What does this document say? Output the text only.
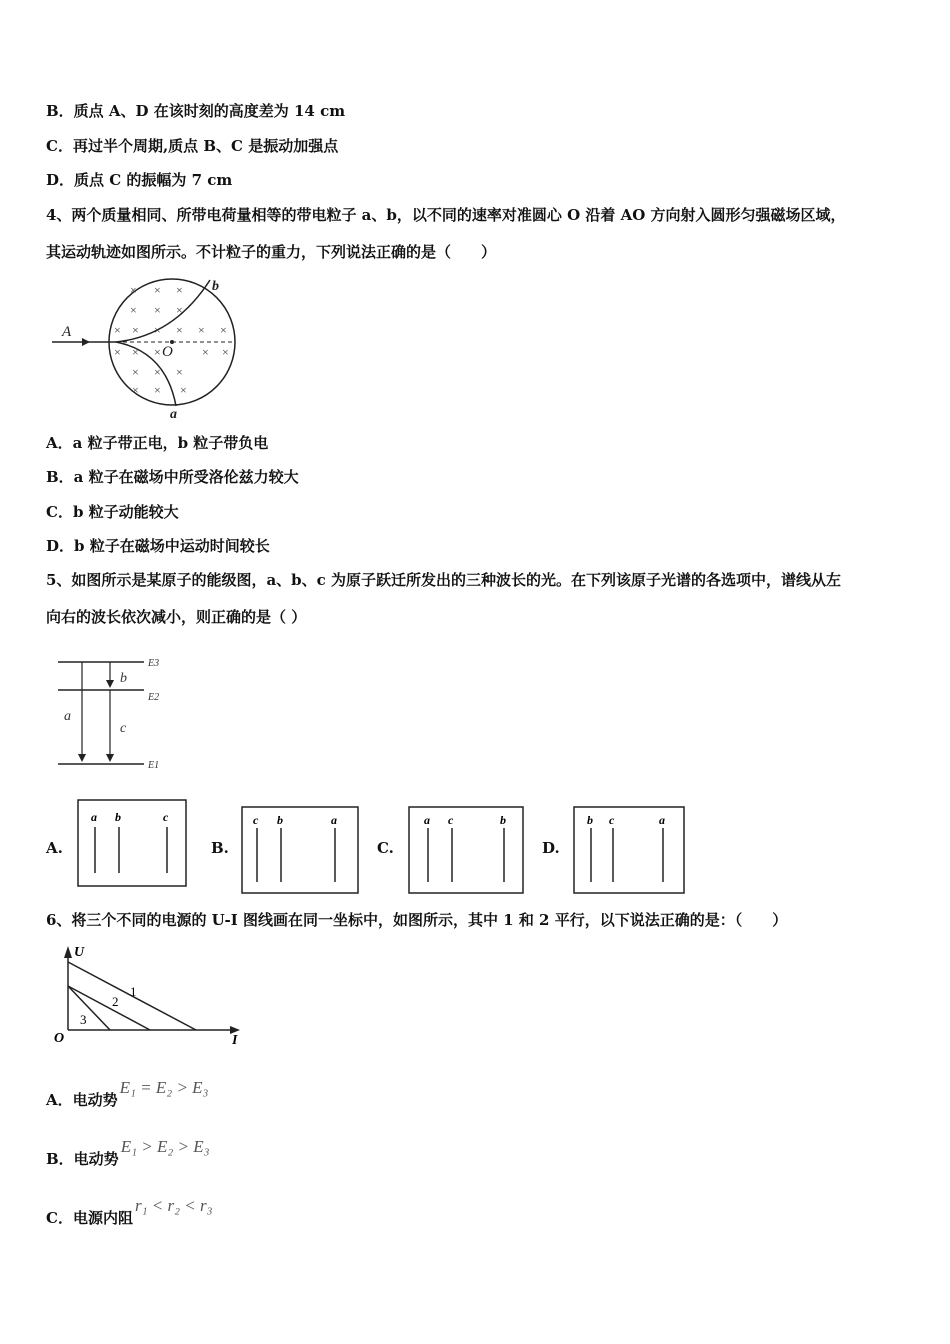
B．质点 A、D 在该时刻的高度差为 14 cm
C．再过半个周期,质点 B、C 是振动加强点
D．质点 C 的振幅为 7 cm
4、两个质量相同、所带电荷量相等的带电粒子 a、b，以不同的速率对准圆心 O 沿着 AO 方向射入圆形匀强磁场区域，
其运动轨迹如图所示。不计粒子的重力，下列说法正确的是（　　）
× × ×
× × ×
× × × × × ×
× × ×	× ×
× × ×
× × ×
A
O
b
a
A．a 粒子带正电，b 粒子带负电
B．a 粒子在磁场中所受洛伦兹力较大
C．b 粒子动能较大
D．b 粒子在磁场中运动时间较长
5、如图所示是某原子的能级图，a、b、c 为原子跃迁所发出的三种波长的光。在下列该原子光谱的各选项中，谱线从左
向右的波长依次减小，则正确的是（ ）
E3
E2
E1
a
b
c
A.
a b	c
B.
c b	a
C.
a c	b
D.
b c	a
6、将三个不同的电源的 U-I 图线画在同一坐标中，如图所示，其中 1 和 2 平行，以下说法正确的是：（　　）
U
I
O
1
2
3
A．电动势E₁ = E₂ > E₃
B．电动势E₁ > E₂ > E₃
C．电源内阻r₁ < r₂ < r₃
